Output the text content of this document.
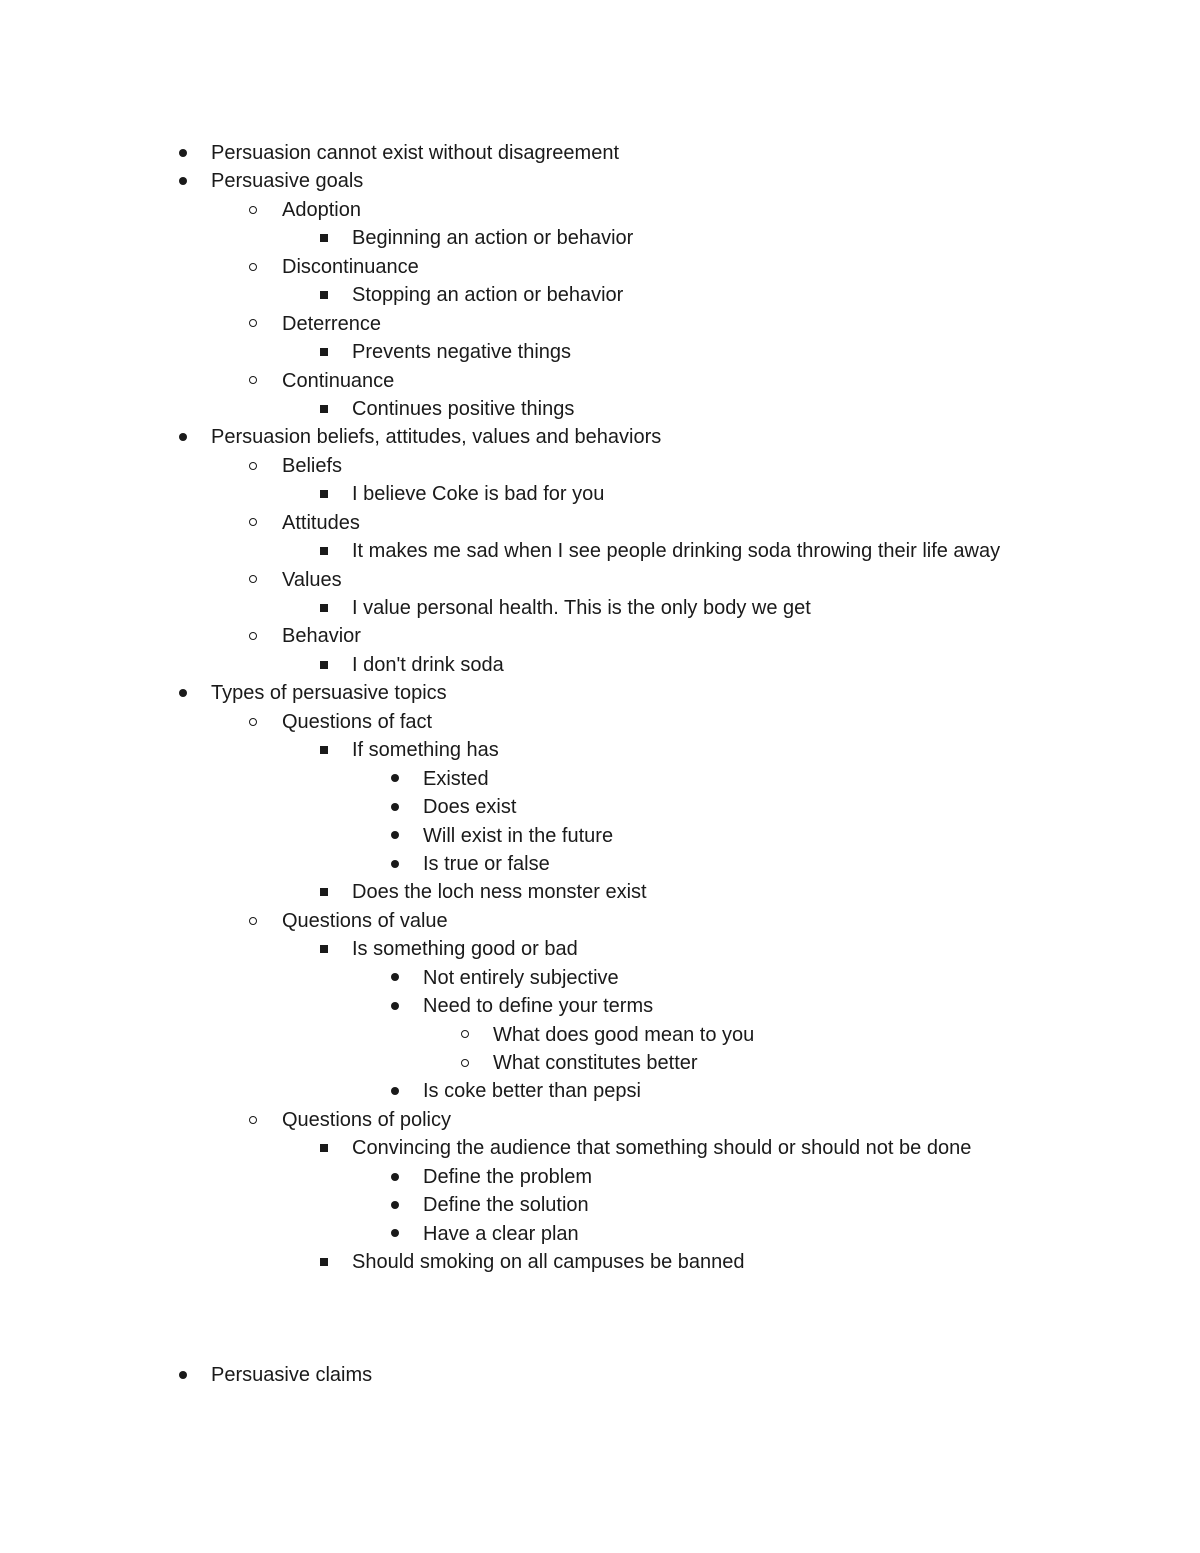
Persuasion cannot exist without disagreement
Persuasive goals
Adoption
Beginning an action or behavior
Discontinuance
Stopping an action or behavior
Deterrence
Prevents negative things
Continuance
Continues positive things
Persuasion beliefs, attitudes, values and behaviors
Beliefs
I believe Coke is bad for you
Attitudes
It makes me sad when I see people drinking soda throwing their life away
Values
I value personal health. This is the only body we get
Behavior
I don't drink soda
Types of persuasive topics
Questions of fact
If something has
Existed
Does exist
Will exist in the future
Is true or false
Does the loch ness monster exist
Questions of value
Is something good or bad
Not entirely subjective
Need to define your terms
What does good mean to you
What constitutes better
Is coke better than pepsi
Questions of policy
Convincing the audience that something should or should not be done
Define the problem
Define the solution
Have a clear plan
Should smoking on all campuses be banned
Persuasive claims
